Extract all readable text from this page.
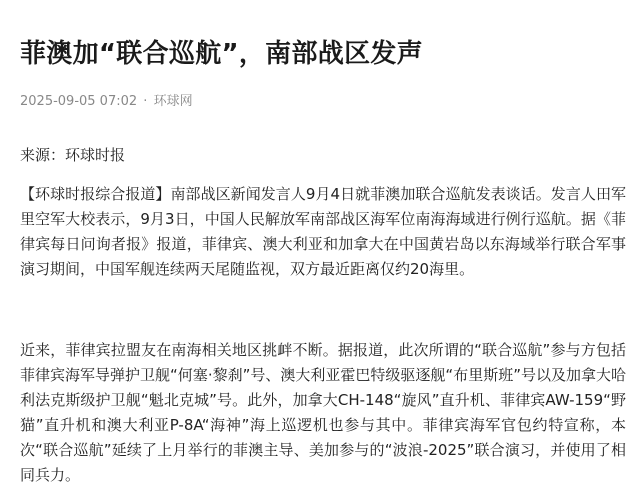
菲澳加“联合巡航”，南部战区发声
2025-09-05 07:02 · 环球网
来源：环球时报

【环球时报综合报道】南部战区新闻发言人9月4日就菲澳加联合巡航发表谈话。发言人田军里空军大校表示，9月3日，中国人民解放军南部战区海军位南海海域进行例行巡航。据《菲律宾每日问询者报》报道，菲律宾、澳大利亚和加拿大在中国黄岩岛以东海域举行联合军事演习期间，中国军舰连续两天尾随监视，双方最近距离仅约20海里。

近来，菲律宾拉盟友在南海相关地区挑衅不断。据报道，此次所谓的“联合巡航”参与方包括菲律宾海军导弹护卫舰“何塞·黎刹”号、澳大利亚霍巴特级驱逐舰“布里斯班”号以及加拿大哈利法克斯级护卫舰“魁北克城”号。此外，加拿大CH-148“旋风”直升机、菲律宾AW-159“野猫”直升机和澳大利亚P-8A“海神”海上巡逻机也参与其中。菲律宾海军官包约特宣称，本次“联合巡航”延续了上月举行的菲澳主导、美加参与的“波浪-2025”联合演习，并使用了相同兵力。
